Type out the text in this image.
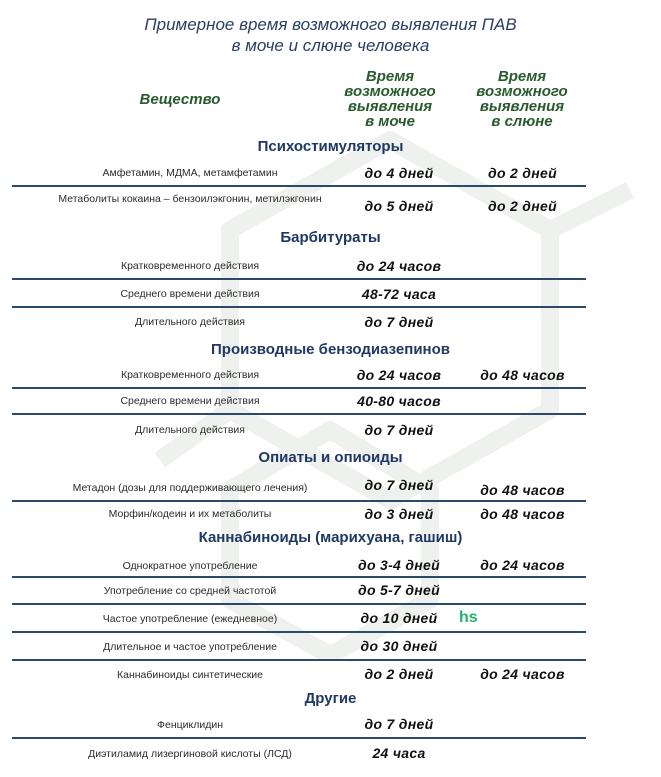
Примерное время возможного выявления ПАВ
в моче и слюне человека
Вещество
Время
возможного
выявления
в моче
Время
возможного
выявления
в слюне
Психостимуляторы
Амфетамин, МДМА, метамфетамин	до 4 дней	до 2 дней
Метаболиты кокаина – бензоилэкгонин, метилэкгонин	до 5 дней	до 2 дней
Барбитураты
Кратковременного действия	до 24 часов
Среднего времени действия	48-72 часа
Длительного действия	до 7 дней
Производные бензодиазепинов
Кратковременного действия	до 24 часов	до 48 часов
Среднего времени действия	40-80 часов
Длительного действия	до 7 дней
Опиаты и опиоиды
Метадон (дозы для поддерживающего лечения)	до 7 дней	до 48 часов
Морфин/кодеин и их метаболиты	до 3 дней	до 48 часов
Каннабиноиды (марихуана, гашиш)
Однократное употребление	до 3-4 дней	до 24 часов
Употребление со средней частотой	до 5-7 дней
Частое употребление (ежедневное)	до 10 дней
Длительное и частое употребление	до 30 дней
Каннабиноиды синтетические	до 2 дней	до 24 часов
Другие
Фенциклидин	до 7 дней
Диэтиламид лизергиновой кислоты (ЛСД)	24 часа
hs
